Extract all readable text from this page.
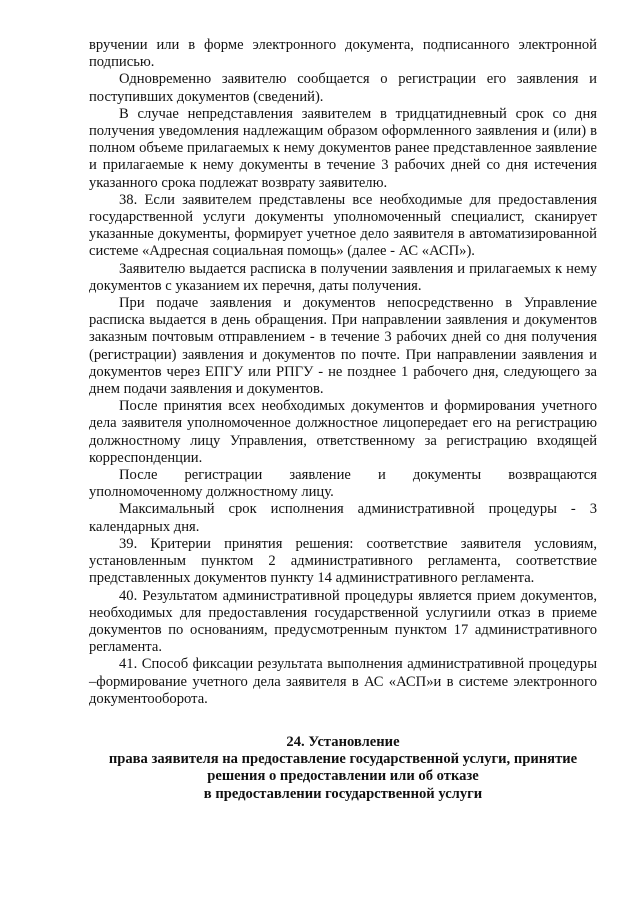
вручении или в форме электронного документа, подписанного электронной подписью.

Одновременно заявителю сообщается о регистрации его заявления и поступивших документов (сведений).

В случае непредставления заявителем в тридцатидневный срок со дня получения уведомления надлежащим образом оформленного заявления и (или) в полном объеме прилагаемых к нему документов ранее представленное заявление и прилагаемые к нему документы в течение 3 рабочих дней со дня истечения указанного срока подлежат возврату заявителю.

38. Если заявителем представлены все необходимые для предоставления государственной услуги документы уполномоченный специалист, сканирует указанные документы, формирует учетное дело заявителя в автоматизированной системе «Адресная социальная помощь» (далее - АС «АСП»).

Заявителю выдается расписка в получении заявления и прилагаемых к нему документов с указанием их перечня, даты получения.

При подаче заявления и документов непосредственно в Управление расписка выдается в день обращения. При направлении заявления и документов заказным почтовым отправлением - в течение 3 рабочих дней со дня получения (регистрации) заявления и документов по почте. При направлении заявления и документов через ЕПГУ или РПГУ - не позднее 1 рабочего дня, следующего за днем подачи заявления и документов.

После принятия всех необходимых документов и формирования учетного дела заявителя уполномоченное должностное лицопередает его на регистрацию должностному лицу Управления, ответственному за регистрацию входящей корреспонденции.

После регистрации заявление и документы возвращаются уполномоченному должностному лицу.

Максимальный срок исполнения административной процедуры - 3 календарных дня.

39. Критерии принятия решения: соответствие заявителя условиям, установленным пунктом 2 административного регламента, соответствие представленных документов пункту 14 административного регламента.

40. Результатом административной процедуры является прием документов, необходимых для предоставления государственной услугиили отказ в приеме документов по основаниям, предусмотренным пунктом 17 административного регламента.

41. Способ фиксации результата выполнения административной процедуры –формирование учетного дела заявителя в АС «АСП»и в системе электронного документооборота.

24. Установление
права заявителя на предоставление государственной услуги, принятие
решения о предоставлении или об отказе
в предоставлении государственной услуги
